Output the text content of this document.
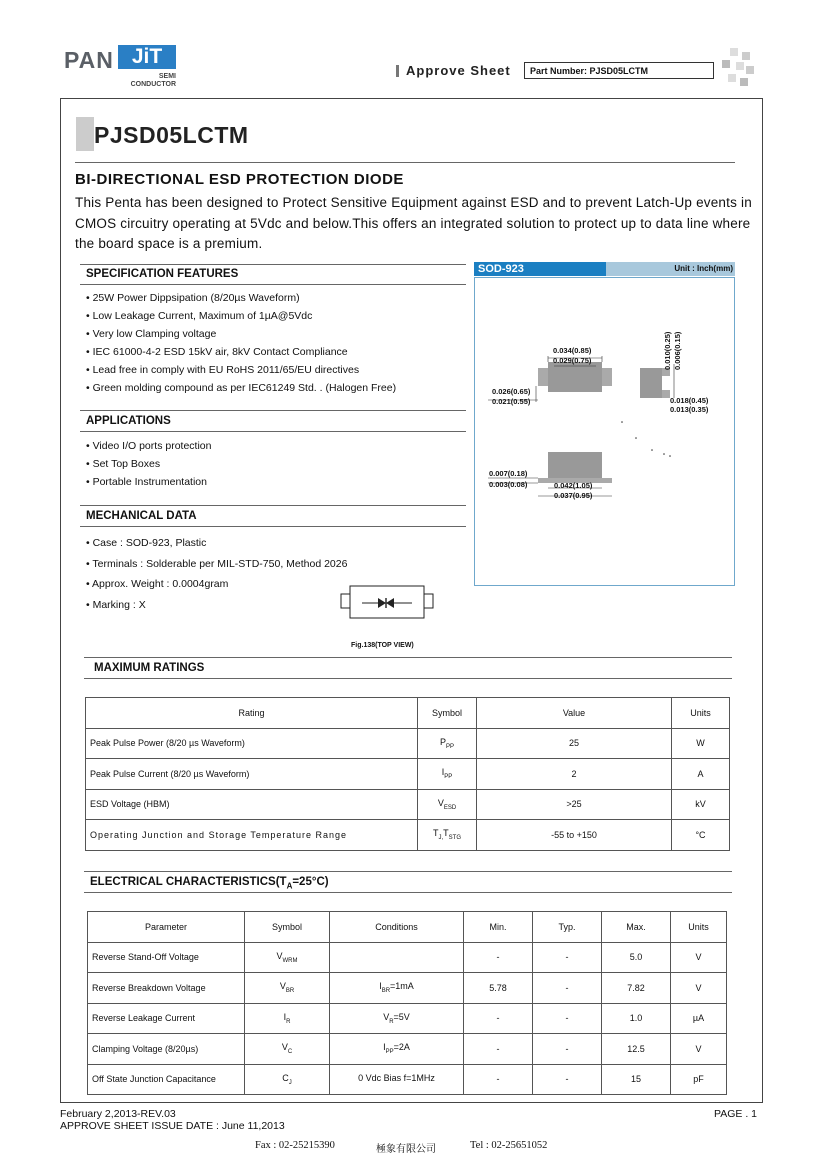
PAN JiT
SEMI
CONDUCTOR
Approve Sheet	Part Number: PJSD05LCTM
PJSD05LCTM
BI-DIRECTIONAL ESD PROTECTION DIODE
This Penta has been designed to Protect Sensitive Equipment against ESD and to prevent Latch-Up events in CMOS circuitry operating at 5Vdc and below.This offers an integrated solution to protect up to data line where the board space is a premium.
SPECIFICATION FEATURES
• 25W Power Dippsipation (8/20µs Waveform)
• Low Leakage Current, Maximum of 1µA@5Vdc
• Very low Clamping voltage
• IEC 61000-4-2 ESD 15kV air, 8kV Contact Compliance
• Lead free in comply with EU RoHS 2011/65/EU directives
• Green molding compound as per IEC61249 Std. . (Halogen Free)
APPLICATIONS
• Video I/O ports protection
• Set Top Boxes
• Portable Instrumentation
MECHANICAL DATA
• Case : SOD-923, Plastic
• Terminals : Solderable per MIL-STD-750, Method 2026
• Approx. Weight : 0.0004gram
• Marking : X
Fig.138(TOP VIEW)
SOD-923	Unit : Inch(mm)
0.034(0.85)
0.029(0.75)
0.026(0.65)
0.021(0.55)
0.010(0.25) 0.006(0.15)
0.018(0.45)
0.013(0.35)
0.007(0.18)
0.003(0.08)	0.042(1.05)
0.037(0.95)
MAXIMUM RATINGS
Rating	Symbol	Value	Units
Peak Pulse Power (8/20 µs Waveform)	$P_{PP}$	25	W
Peak Pulse Current (8/20 µs Waveform)	$I_{PP}$	2	A
ESD Voltage (HBM)	$V_{ESD}$	>25	kV
Operating Junction and Storage Temperature Range	$T_{J,}T_{STG}$	-55 to +150	°C
ELECTRICAL $CHARACTERISTICS(T_A=25^\circ C)$
Parameter	Symbol	Conditions	Min.	Typ.	Max.	Units
Reverse Stand-Off Voltage	$V_{WRM}$		-	-	5.0	V
Reverse Breakdown Voltage	$V_{BR}$	$I_{BR}=1mA$	5.78	-	7.82	V
Reverse Leakage Current	$I_R$	$V_R=5V$	-	-	1.0	µA
Clamping Voltage (8/20µs)	$V_C$	$I_{PP}=2A$	-	-	12.5	V
Off State Junction Capacitance	$C_J$	0 Vdc Bias f=1MHz	-	-	15	pF
February 2,2013-REV.03
APPROVE SHEET ISSUE DATE : June 11,2013
PAGE . 1
Fax : 02-25215390	極象有限公司	Tel : 02-25651052
